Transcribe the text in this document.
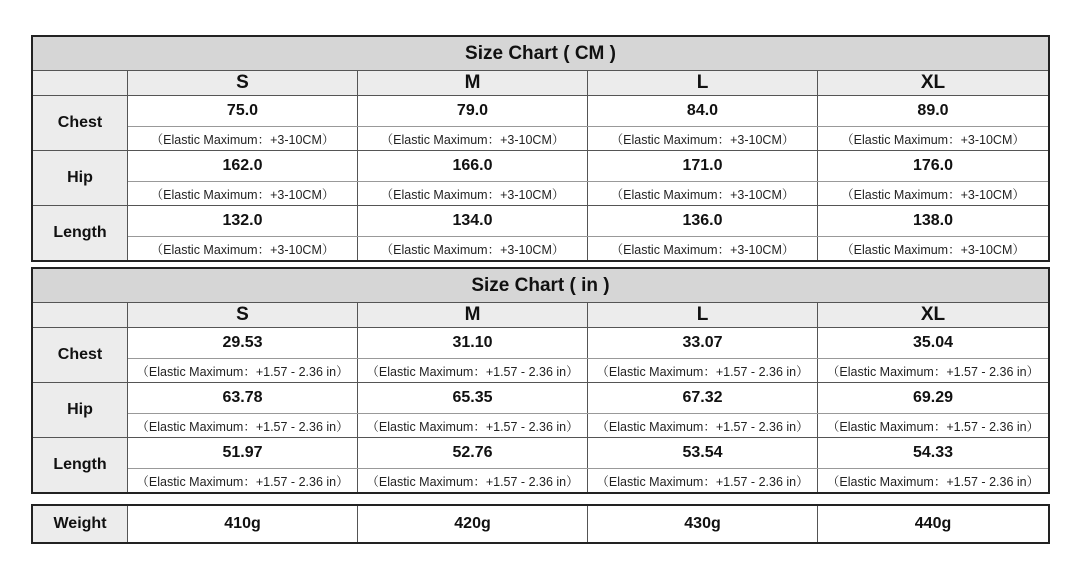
Size Chart ( CM )				
	S	M	L	XL
Chest	75.0	79.0	84.0	89.0
	（Elastic Maximum：+3-10CM）	（Elastic Maximum：+3-10CM）	（Elastic Maximum：+3-10CM）	（Elastic Maximum：+3-10CM）
Hip	162.0	166.0	171.0	176.0
	（Elastic Maximum：+3-10CM）	（Elastic Maximum：+3-10CM）	（Elastic Maximum：+3-10CM）	（Elastic Maximum：+3-10CM）
Length	132.0	134.0	136.0	138.0
	（Elastic Maximum：+3-10CM）	（Elastic Maximum：+3-10CM）	（Elastic Maximum：+3-10CM）	（Elastic Maximum：+3-10CM）
Size Chart ( in )				
	S	M	L	XL
Chest	29.53	31.10	33.07	35.04
	（Elastic Maximum：+1.57 - 2.36 in）	（Elastic Maximum：+1.57 - 2.36 in）	（Elastic Maximum：+1.57 - 2.36 in）	（Elastic Maximum：+1.57 - 2.36 in）
Hip	63.78	65.35	67.32	69.29
	（Elastic Maximum：+1.57 - 2.36 in）	（Elastic Maximum：+1.57 - 2.36 in）	（Elastic Maximum：+1.57 - 2.36 in）	（Elastic Maximum：+1.57 - 2.36 in）
Length	51.97	52.76	53.54	54.33
	（Elastic Maximum：+1.57 - 2.36 in）	（Elastic Maximum：+1.57 - 2.36 in）	（Elastic Maximum：+1.57 - 2.36 in）	（Elastic Maximum：+1.57 - 2.36 in）
Weight	410g	420g	430g	440g
